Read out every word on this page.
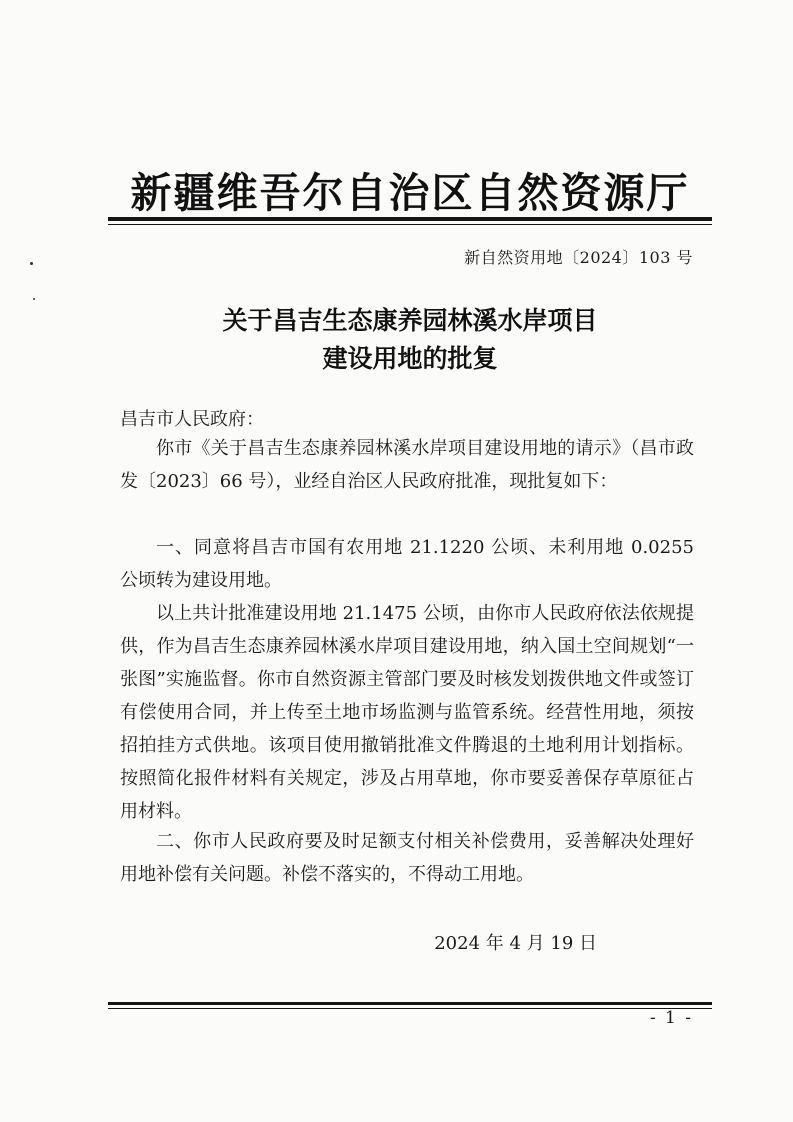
新疆维吾尔自治区自然资源厅
新自然资用地〔2024〕103 号
关于昌吉生态康养园林溪水岸项目
建设用地的批复
昌吉市人民政府：

你市《关于昌吉生态康养园林溪水岸项目建设用地的请示》（昌市政发〔2023〕66 号），业经自治区人民政府批准，现批复如下：

一、同意将昌吉市国有农用地 21.1220 公顷、未利用地 0.0255 公顷转为建设用地。

以上共计批准建设用地 21.1475 公顷，由你市人民政府依法依规提供，作为昌吉生态康养园林溪水岸项目建设用地，纳入国土空间规划“一张图”实施监督。你市自然资源主管部门要及时核发划拨供地文件或签订有偿使用合同，并上传至土地市场监测与监管系统。经营性用地，须按招拍挂方式供地。该项目使用撤销批准文件腾退的土地利用计划指标。按照简化报件材料有关规定，涉及占用草地，你市要妥善保存草原征占用材料。

二、你市人民政府要及时足额支付相关补偿费用，妥善解决处理好用地补偿有关问题。补偿不落实的，不得动工用地。

2024 年 4 月 19 日
- 1 -
